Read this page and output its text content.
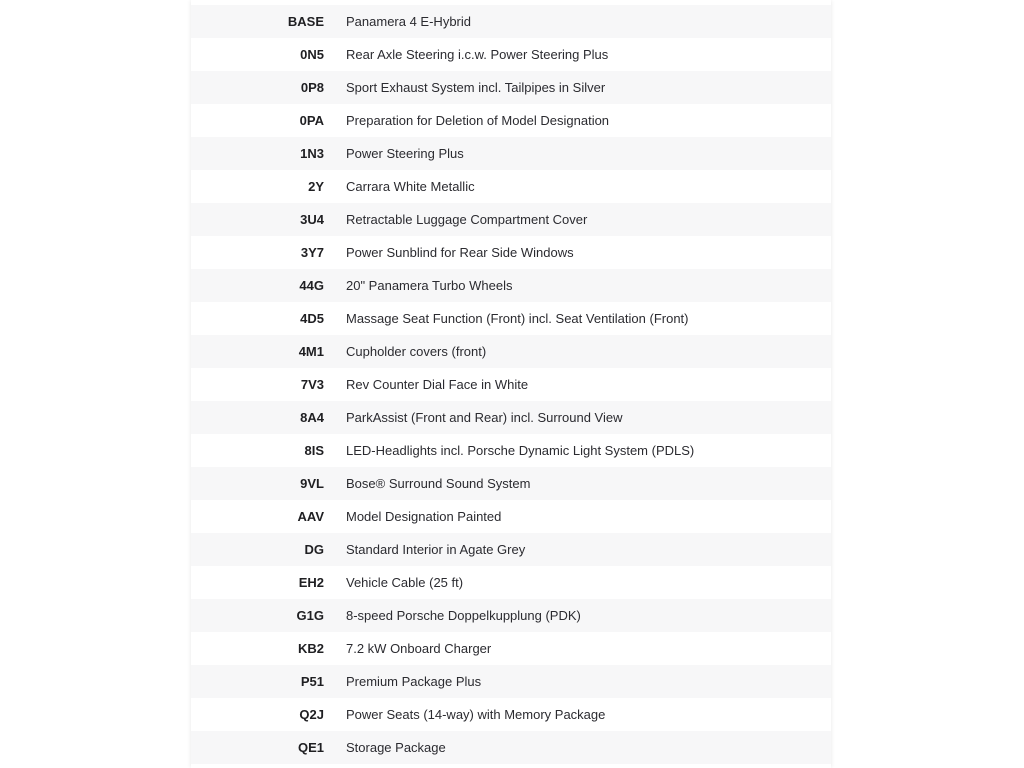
BASE	Panamera 4 E-Hybrid
0N5	Rear Axle Steering i.c.w. Power Steering Plus
0P8	Sport Exhaust System incl. Tailpipes in Silver
0PA	Preparation for Deletion of Model Designation
1N3	Power Steering Plus
2Y	Carrara White Metallic
3U4	Retractable Luggage Compartment Cover
3Y7	Power Sunblind for Rear Side Windows
44G	20" Panamera Turbo Wheels
4D5	Massage Seat Function (Front) incl. Seat Ventilation (Front)
4M1	Cupholder covers (front)
7V3	Rev Counter Dial Face in White
8A4	ParkAssist (Front and Rear) incl. Surround View
8IS	LED-Headlights incl. Porsche Dynamic Light System (PDLS)
9VL	Bose® Surround Sound System
AAV	Model Designation Painted
DG	Standard Interior in Agate Grey
EH2	Vehicle Cable (25 ft)
G1G	8-speed Porsche Doppelkupplung (PDK)
KB2	7.2 kW Onboard Charger
P51	Premium Package Plus
Q2J	Power Seats (14-way) with Memory Package
QE1	Storage Package
